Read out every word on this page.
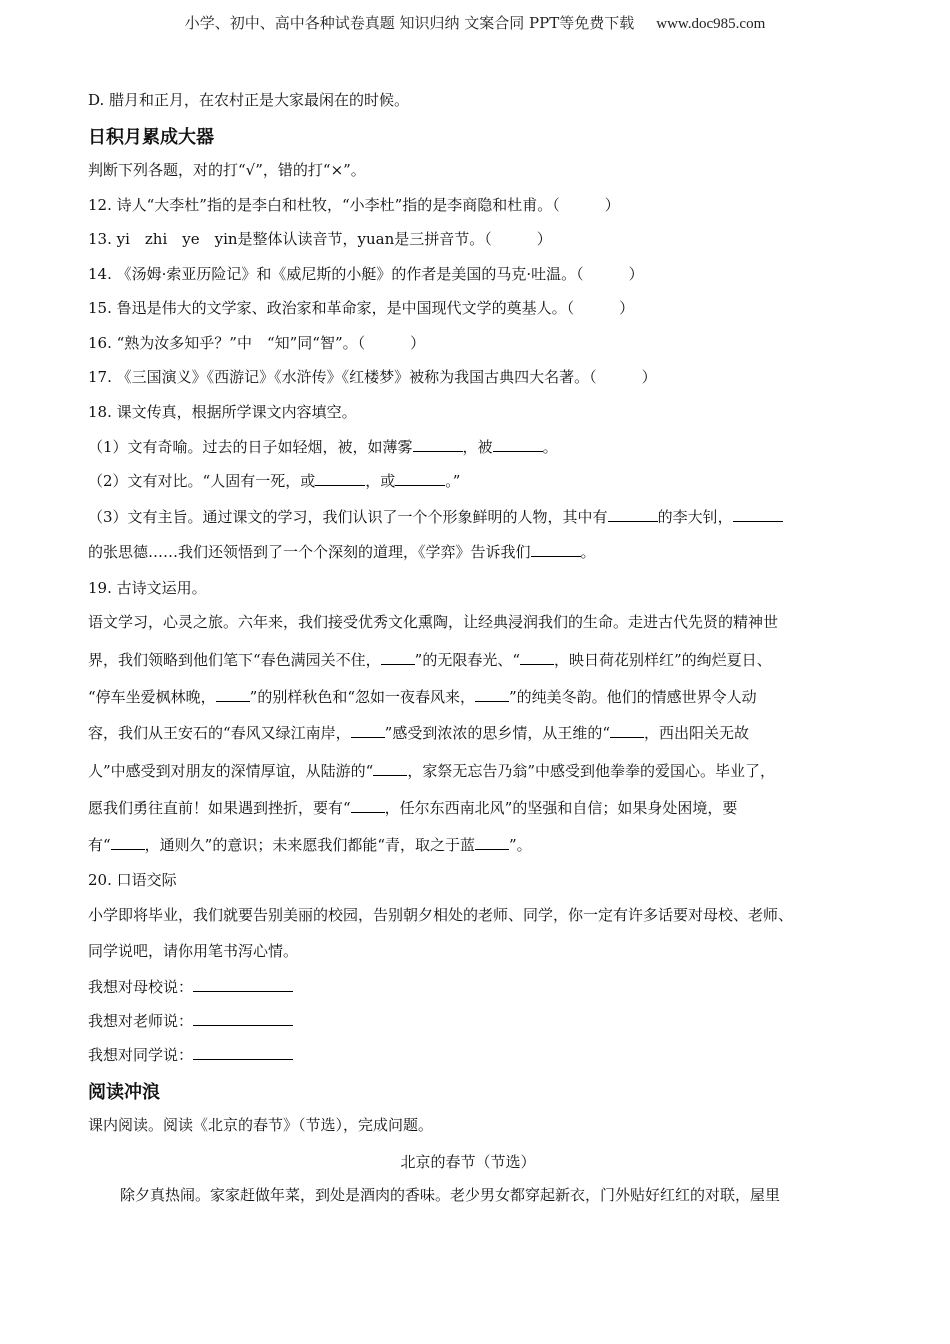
小学、初中、高中各种试卷真题 知识归纳 文案合同 PPT等免费下载 www.doc985.com
D. 腊月和正月，在农村正是大家最闲在的时候。
日积月累成大器
判断下列各题，对的打“√”，错的打“×”。
12. 诗人“大李杜”指的是李白和杜牧，“小李杜”指的是李商隐和杜甫。（　　　）
13. yi　zhi　ye　yin是整体认读音节，yuan是三拼音节。（　　　）
14. 《汤姆·索亚历险记》和《威尼斯的小艇》的作者是美国的马克·吐温。（　　　）
15. 鲁迅是伟大的文学家、政治家和革命家，是中国现代文学的奠基人。（　　　）
16. “熟为汝多知乎？”中　“知”同“智”。（　　　）
17. 《三国演义》《西游记》《水浒传》《红楼梦》被称为我国古典四大名著。（　　　）
18. 课文传真，根据所学课文内容填空。
（1）文有奇喻。过去的日子如轻烟，被，如薄雾	，被	。
（2）文有对比。“人固有一死，或	，或	。”
（3）文有主旨。通过课文的学习，我们认识了一个个形象鲜明的人物，其中有	的李大钊，
的张思德……我们还领悟到了一个个深刻的道理，《学弈》告诉我们	。
19. 古诗文运用。
语文学习，心灵之旅。六年来，我们接受优秀文化熏陶，让经典浸润我们的生命。走进古代先贤的精神世
界，我们领略到他们笔下“春色满园关不住， ”的无限春光、“ ，映日荷花别样红”的绚烂夏日、
“停车坐爱枫林晚， ”的别样秋色和“忽如一夜春风来， ”的纯美冬韵。他们的情感世界令人动
容，我们从王安石的“春风又绿江南岸， ”感受到浓浓的思乡情，从王维的“ ，西出阳关无故
人”中感受到对朋友的深情厚谊，从陆游的“ ，家祭无忘告乃翁”中感受到他拳拳的爱国心。毕业了，
愿我们勇往直前！如果遇到挫折，要有“ ，任尔东西南北风”的坚强和自信；如果身处困境，要
有“ ，通则久”的意识；未来愿我们都能“青，取之于蓝 ”。
20. 口语交际
小学即将毕业，我们就要告别美丽的校园，告别朝夕相处的老师、同学，你一定有许多话要对母校、老师、
同学说吧，请你用笔书泻心情。
我想对母校说：
我想对老师说：
我想对同学说：
阅读冲浪
课内阅读。阅读《北京的春节》（节选），完成问题。
北京的春节（节选）
除夕真热闹。家家赶做年菜，到处是酒肉的香味。老少男女都穿起新衣，门外贴好红红的对联，屋里
